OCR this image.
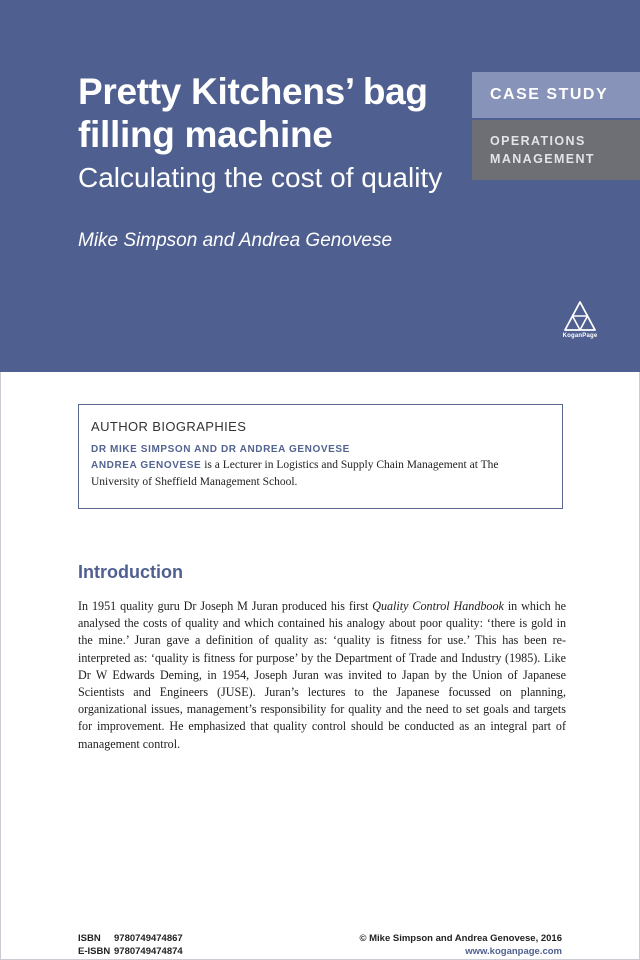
Pretty Kitchens’ bag filling machine
Calculating the cost of quality
Mike Simpson and Andrea Genovese
CASE STUDY
OPERATIONS
MANAGEMENT
KoganPage
AUTHOR BIOGRAPHIES
DR MIKE SIMPSON AND DR ANDREA GENOVESE
ANDREA GENOVESE is a Lecturer in Logistics and Supply Chain Management at The University of Sheffield Management School.
Introduction
In 1951 quality guru Dr Joseph M Juran produced his first Quality Control Handbook in which he analysed the costs of quality and which contained his analogy about poor quality: ‘there is gold in the mine.’ Juran gave a definition of quality as: ‘quality is fitness for use.’ This has been re-interpreted as: ‘quality is fitness for purpose’ by the Department of Trade and Industry (1985). Like Dr W Edwards Deming, in 1954, Joseph Juran was invited to Japan by the Union of Japanese Scientists and Engineers (JUSE). Juran’s lectures to the Japanese focussed on planning, organizational issues, management’s responsibility for quality and the need to set goals and targets for improvement. He emphasized that quality control should be conducted as an integral part of management control.
ISBN 9780749474867
E-ISBN 9780749474874
© Mike Simpson and Andrea Genovese, 2016
www.koganpage.com
